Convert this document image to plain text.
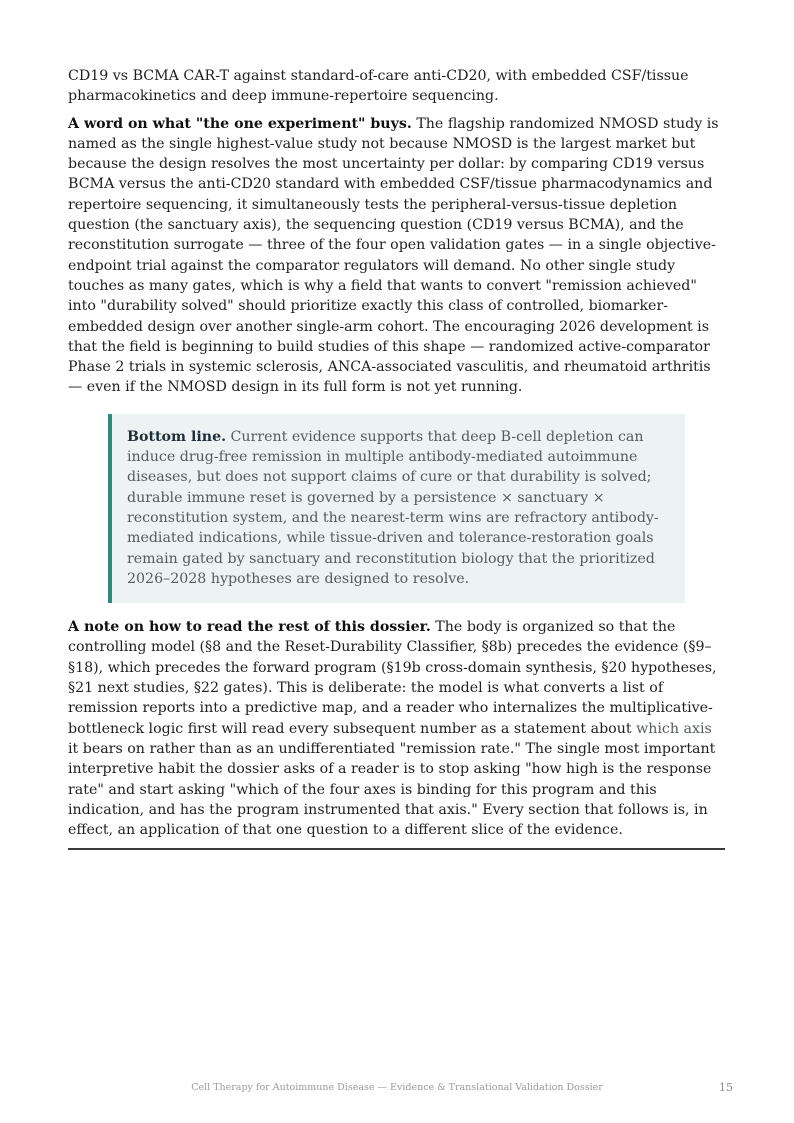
CD19 vs BCMA CAR-T against standard-of-care anti-CD20, with embedded CSF/tissue pharmacokinetics and deep immune-repertoire sequencing.

A word on what "the one experiment" buys. The flagship randomized NMOSD study is named as the single highest-value study not because NMOSD is the largest market but because the design resolves the most uncertainty per dollar: by comparing CD19 versus BCMA versus the anti-CD20 standard with embedded CSF/tissue pharmacodynamics and repertoire sequencing, it simultaneously tests the peripheral-versus-tissue depletion question (the sanctuary axis), the sequencing question (CD19 versus BCMA), and the reconstitution surrogate — three of the four open validation gates — in a single objective-endpoint trial against the comparator regulators will demand. No other single study touches as many gates, which is why a field that wants to convert "remission achieved" into "durability solved" should prioritize exactly this class of controlled, biomarker-embedded design over another single-arm cohort. The encouraging 2026 development is that the field is beginning to build studies of this shape — randomized active-comparator Phase 2 trials in systemic sclerosis, ANCA-associated vasculitis, and rheumatoid arthritis — even if the NMOSD design in its full form is not yet running.

Bottom line. Current evidence supports that deep B-cell depletion can induce drug-free remission in multiple antibody-mediated autoimmune diseases, but does not support claims of cure or that durability is solved; durable immune reset is governed by a persistence × sanctuary × reconstitution system, and the nearest-term wins are refractory antibody-mediated indications, while tissue-driven and tolerance-restoration goals remain gated by sanctuary and reconstitution biology that the prioritized 2026–2028 hypotheses are designed to resolve.

A note on how to read the rest of this dossier. The body is organized so that the controlling model (§8 and the Reset-Durability Classifier, §8b) precedes the evidence (§9–§18), which precedes the forward program (§19b cross-domain synthesis, §20 hypotheses, §21 next studies, §22 gates). This is deliberate: the model is what converts a list of remission reports into a predictive map, and a reader who internalizes the multiplicative-bottleneck logic first will read every subsequent number as a statement about which axis it bears on rather than as an undifferentiated "remission rate." The single most important interpretive habit the dossier asks of a reader is to stop asking "how high is the response rate" and start asking "which of the four axes is binding for this program and this indication, and has the program instrumented that axis." Every section that follows is, in effect, an application of that one question to a different slice of the evidence.

Cell Therapy for Autoimmune Disease — Evidence & Translational Validation Dossier	15
